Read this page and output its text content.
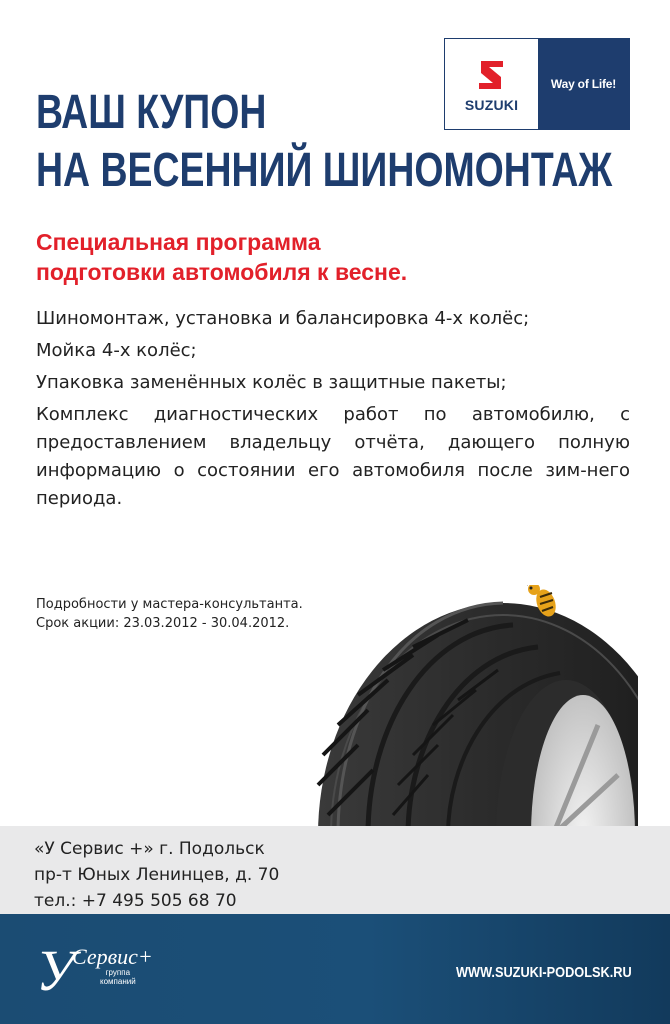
SUZUKI
Way of Life!
ВАШ КУПОН
НА ВЕСЕННИЙ ШИНОМОНТАЖ
Специальная программа
подготовки автомобиля к весне.

Шиномонтаж, установка и балансировка 4-х колёс;

Мойка 4-х колёс;

Упаковка заменённых колёс в защитные пакеты;

Комплекс диагностических работ по автомобилю, с предоставлением владельцу отчёта, дающего полную информацию о состоянии его автомобиля после зим-него периода.

Подробности у мастера-консультанта.
Срок акции: 23.03.2012 - 30.04.2012.
«У Сервис +» г. Подольск
пр-т Юных Ленинцев, д. 70
тел.: +7 495 505 68 70
У
Сервис+
группа
компаний
WWW.SUZUKI-PODOLSK.RU
